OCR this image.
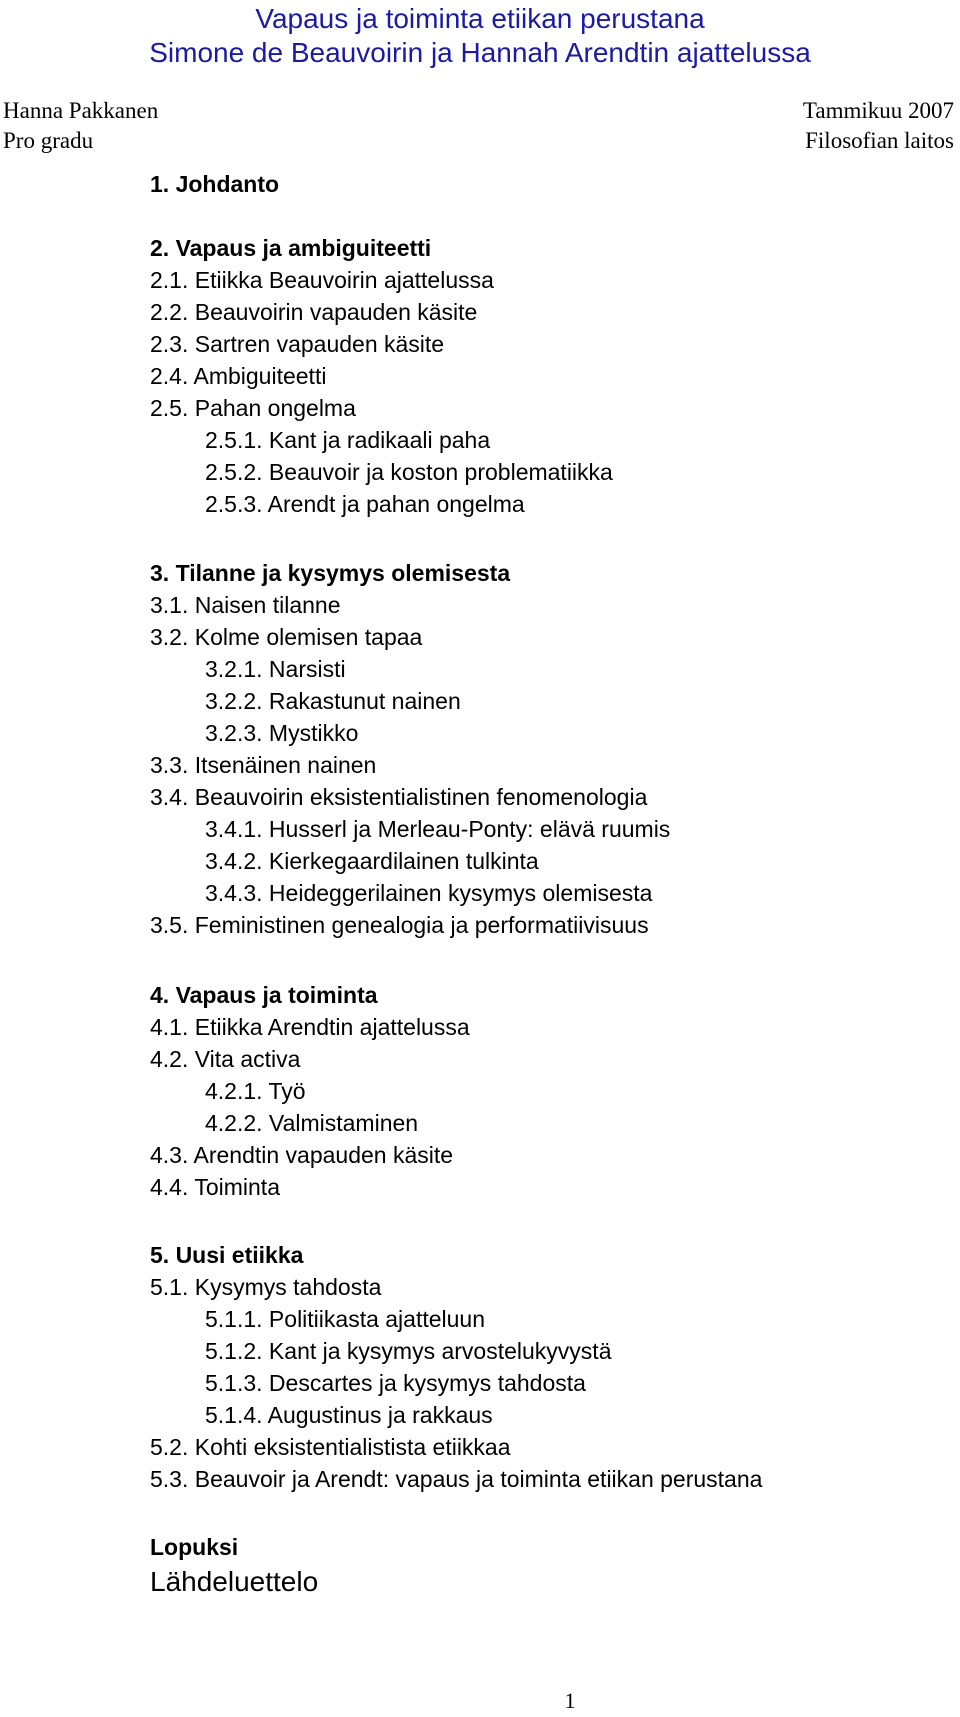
Vapaus ja toiminta etiikan perustana
Simone de Beauvoirin ja Hannah Arendtin ajattelussa
Hanna Pakkanen	Tammikuu 2007
Pro gradu	Filosofian laitos
1. Johdanto
2. Vapaus ja ambiguiteetti
2.1. Etiikka Beauvoirin ajattelussa
2.2. Beauvoirin vapauden käsite
2.3. Sartren vapauden käsite
2.4. Ambiguiteetti
2.5. Pahan ongelma
2.5.1. Kant ja radikaali paha
2.5.2. Beauvoir ja koston problematiikka
2.5.3. Arendt ja pahan ongelma
3. Tilanne ja kysymys olemisesta
3.1. Naisen tilanne
3.2. Kolme olemisen tapaa
3.2.1. Narsisti
3.2.2. Rakastunut nainen
3.2.3. Mystikko
3.3. Itsenäinen nainen
3.4. Beauvoirin eksistentialistinen fenomenologia
3.4.1. Husserl ja Merleau-Ponty: elävä ruumis
3.4.2. Kierkegaardilainen tulkinta
3.4.3. Heideggerilainen kysymys olemisesta
3.5. Feministinen genealogia ja performatiivisuus
4. Vapaus ja toiminta
4.1. Etiikka Arendtin ajattelussa
4.2. Vita activa
4.2.1. Työ
4.2.2. Valmistaminen
4.3. Arendtin vapauden käsite
4.4. Toiminta
5. Uusi etiikka
5.1. Kysymys tahdosta
5.1.1. Politiikasta ajatteluun
5.1.2. Kant ja kysymys arvostelukyvystä
5.1.3. Descartes ja kysymys tahdosta
5.1.4. Augustinus ja rakkaus
5.2. Kohti eksistentialistista etiikkaa
5.3. Beauvoir ja Arendt: vapaus ja toiminta etiikan perustana
Lopuksi
Lähdeluettelo
1
